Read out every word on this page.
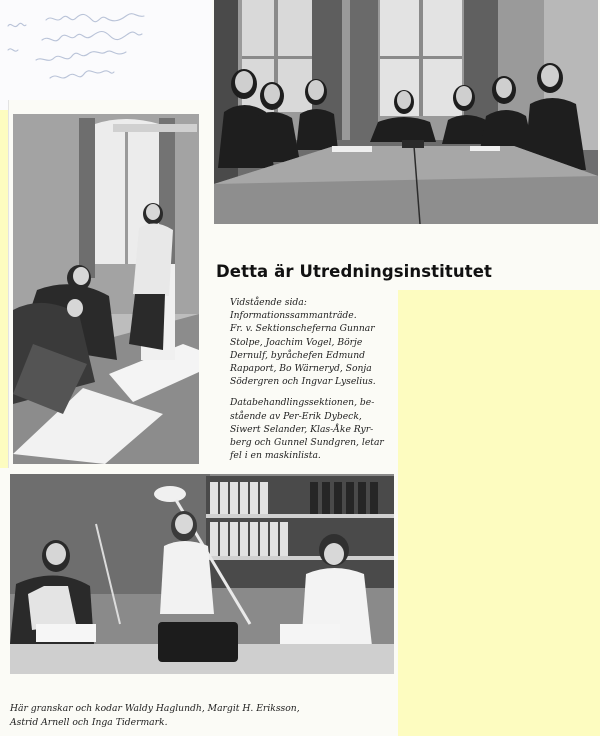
Detta är Utredningsinstitutet

Vidstående sida:
Informationssammanträde.
Fr. v. Sektionscheferna Gunnar
Stolpe, Joachim Vogel, Börje
Dernulf, byråchefen Edmund
Rapaport, Bo Wärneryd, Sonja
Södergren och Ingvar Lyselius.

Databehandlingssektionen, be-
stående av Per-Erik Dybeck,
Siwert Selander, Klas-Åke Ryr-
berg och Gunnel Sundgren, letar
fel i en maskinlista.

Här granskar och kodar Waldy Haglundh, Margit H. Eriksson,
Astrid Arnell och Inga Tidermark.
